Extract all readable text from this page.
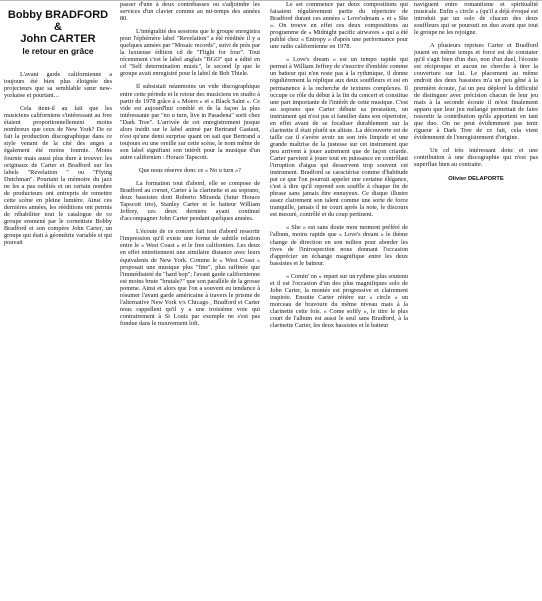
Bobby BRADFORD &
John CARTER
le retour en grâce

L'avant garde californienne a toujours été bien plus éloignée des projecteurs que sa semblable sœur new-yorkaise et pourtant…

Cela tient-il au fait que les musiciens californiens s'intéressant au free étaient proportionnellement moins nombreux que ceux de New York? De ce fait la production discographique dans ce style venant de la cité des anges a également été moins fournie. Moins fournie mais aussi plus dure à trouver. les originaux de Carter et Bradford sur les labels "Revelation " ou "Flying Dutchman". Pourtant la mémoire du jazz ne les a pas oubliés et un certain nombre de producteurs ont entrepris de remettre cette scène en pleine lumière. Ainsi ces dernières années, les rééditions ont permis de réhabiliter tout le catalogue de ce groupe emmené par le cornettiste Bobby Bradford et son compère John Carter, un groupe qui était à géométrie variable et qui pouvait

passer d'une à deux contrebasses ou s'adjoindre les services d'un clavier comme au mi-temps des années 80.

L'intégralité des sessions que le groupe enregistra pour l'éphémère label "Revelation" a été rééditée il y a quelques années par "Mosaic records", suivi de près par la luxueuse édition cd de "Flight for four". Tout récemment c'est le label anglais "BGO" qui a édité en cd "Self determination music", le second lp que le groupe avait enregistré pour le label de Bob Thiele.

Il subsistait néanmoins un vide discographique entre cette période et le retour des musiciens en studio à partir de 1978 grâce à « Moers » et « Black Saint ». Ce vide est aujourd'hui comblé et de la façon la plus intéressante par "no u turn, live in Pasadena" sorti chez "Dark Tree". L'arrivée de cet enregistrement jusque alors inédit sur le label animé par Bertrand Gastaut, n'est qu'une demi surprise quant on sait que Bertrand a toujours eu une oreille sur cette scène, le nom même de son label signifiant son intérêt pour la musique d'un autre californien : Horace Tapscott.

Que nous réserve donc ce « No u turn »?

La formation tout d'abord, elle se compose de Bradford au cornet, Carter à la clarinette et au soprano, deux bassistes dont Roberto Miranda (futur Horace Tapscott trio), Stanley Carter et le batteur William Jeffrey, ces deux derniers ayant continué d'accompagner John Carter pendant quelques années.

L'écoute de ce concert fait tout d'abord ressortir l'impression qu'il existe une forme de subtile relation entre le « West Coast » et le free californien. Les deux en effet entretiennent une similaire distance avec leurs équivalents de New York. Comme le « West Coast » proposait une musique plus "fine", plus raffinée que l'immédiateté du "hard bop"; l'avant garde californienne est moins brute "brutale?" que son parallèle de la grosse pomme. Ainsi et alors que l'on a souvent eu tendance à résumer l'avant garde américaine à travers le prisme de l'alternative New York v/s Chicago , Bradford et Carter nous rappellent qu'il y a une troisième voie qui contrairement à St Louis par exemple ne s'est pas fondue dans le mouvement loft.

Le set commence par deux compositions qui faisaient régulièrement partie du répertoire de Bradford durant ces années « Love'sdream » et « She ». On trouve en effet ces deux compositions au programme de « Midnight pacific airwaves » qui a été publié chez « Entropy » d'après une performance pour une radio californienne en 1978.

« Love's dream » est un tempo rapide qui permet à William Jeffrey de s'inscrire d'emblée comme un batteur qui n'en reste pas à la rythmique, il donne régulièrement la réplique aux deux souffleurs et est en permanence à la recherche de textures complexes. Il occupe ce rôle du début à la fin du concert et constitue une part importante de l'intérêt de cette musique. C'est au soprano que Carter débute sa prestation, un instrument qui n'est pas si familier dans son répertoire, en effet avant de se focaliser durablement sur la clarinette il était plutôt un altiste. La découverte est de taille car il s'avère avoir un son très limpide et une grande maîtrise de la justesse sur cet instrument que peu arrivent à jouer autrement que de façon criarde. Carter parvient à jouer tout en puissance en contrôlant l'irruption d'aigus qui desservent trop souvent cet instrument. Bradford se caractérise comme d'habitude par ce que l'on pourrait appeler une certaine élégance, c'est à dire qu'il reprend son souffle à chaque fin de phrase sans jamais être ennuyeux. Ce disque illustre assez clairement son talent comme une sorte de force tranquille, jamais il ne court après la note, le discours est mesuré, contrôlé et du coup pertinent.

« She » est sans doute mon moment préféré de l'album, moins rapide que « Love's dream » le thème change de direction en son milieu pour aborder les rives de l'introspection nous donnant l'occasion d'apprécier un échange magnifique entre les deux bassistes et le batteur.

« Comin' on » repart sur un rythme plus soutenu et il est l'occasion d'un des plus magnifiques solo de John Carter, la montée est progressive et clairement inspirée. Ensuite Carter réitère sur « circle » un morceau de bravoure du même niveau mais à la clarinette cette fois. « Come softly », le titre le plus court de l'album est aussi le seul sans Bradford, à la clarinette Carter, les deux bassistes et le batteur

naviguent entre romantisme et spiritualité musicale. Enfin « circle » (qu'il a déjà évoqué est introduit par un solo de chacun des deux souffleurs qui se poursuit en duo avant que tout le groupe ne les rejoigne.

A plusieurs reprises Carter et Bradford jouent en même temps et force est de constater qu'il s'agit bien d'un duo, non d'un duel, l'écoute est réciproque et aucun ne cherche à tirer la couverture sur lui. Le placement au même endroit des deux bassistes m'a un peu gêné à la première écoute, j'ai un peu déploré la difficulté de distinguer avec précision chacun de leur jeu mais à la seconde écoute il m'est finalement apparu que leur jeu mélangé permettait de faire ressortir la contribution qu'ils apportent en tant que duo. On ne peut évidemment pas tenir rigueur à Dark Tree de ce fait, cela vient évidemment de l'enregistrement d'origine.

Un cd très intéressant donc et une contribution à une discographie qui n'est pas superflue bien au contraire.

Olivier DELAPORTE
